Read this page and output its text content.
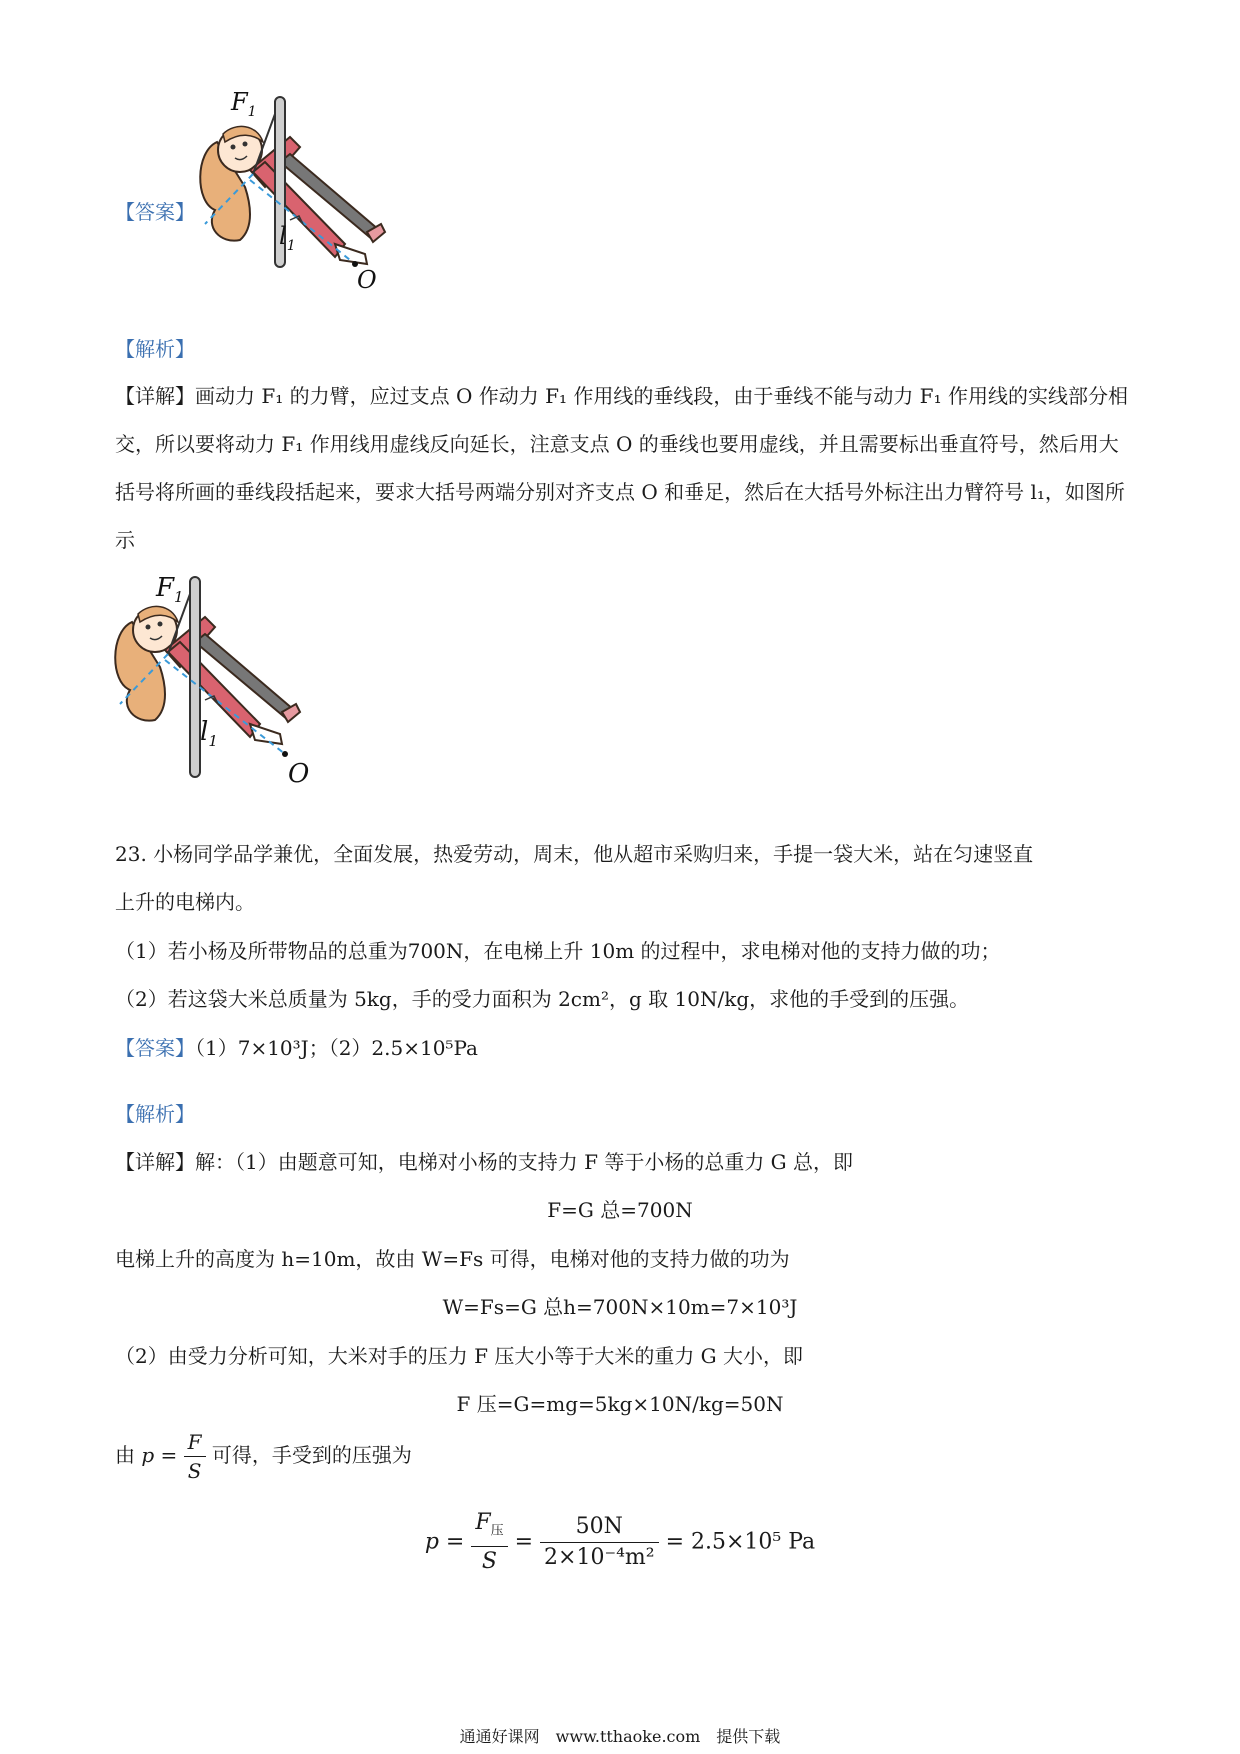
【答案】
$F_1$
$l_1$
O
【解析】
【详解】画动力 F₁ 的力臂，应过支点 O 作动力 F₁ 作用线的垂线段，由于垂线不能与动力 F₁ 作用线的实线部分相交，所以要将动力 F₁ 作用线用虚线反向延长，注意支点 O 的垂线也要用虚线，并且需要标出垂直符号，然后用大括号将所画的垂线段括起来，要求大括号两端分别对齐支点 O 和垂足，然后在大括号外标注出力臂符号 l₁，如图所示
$F_1$
$l_1$
O
23. 小杨同学品学兼优，全面发展，热爱劳动，周末，他从超市采购归来，手提一袋大米，站在匀速竖直
上升的电梯内。
（1）若小杨及所带物品的总重为700N，在电梯上升 10m 的过程中，求电梯对他的支持力做的功；
（2）若这袋大米总质量为 5kg，手的受力面积为 2cm²，g 取 10N/kg，求他的手受到的压强。
【答案】（1）7×10³J；（2）2.5×10⁵Pa
【解析】
【详解】解：（1）由题意可知，电梯对小杨的支持力 F 等于小杨的总重力 G 总，即
F=G 总=700N
电梯上升的高度为 h=10m，故由 W=Fs 可得，电梯对他的支持力做的功为
W=Fs=G 总h=700N×10m=7×10³J
（2）由受力分析可知，大米对手的压力 F 压大小等于大米的重力 G 大小，即
F 压=G=mg=5kg×10N/kg=50N
由 $p = \frac{F}{S}$ 可得，手受到的压强为
$p = \frac{F_压}{S} = \frac{50N}{\text{2×10⁻⁴m²}} = 2.5\times 10^5$ Pa
通通好课网　www.tthaoke.com　提供下载
